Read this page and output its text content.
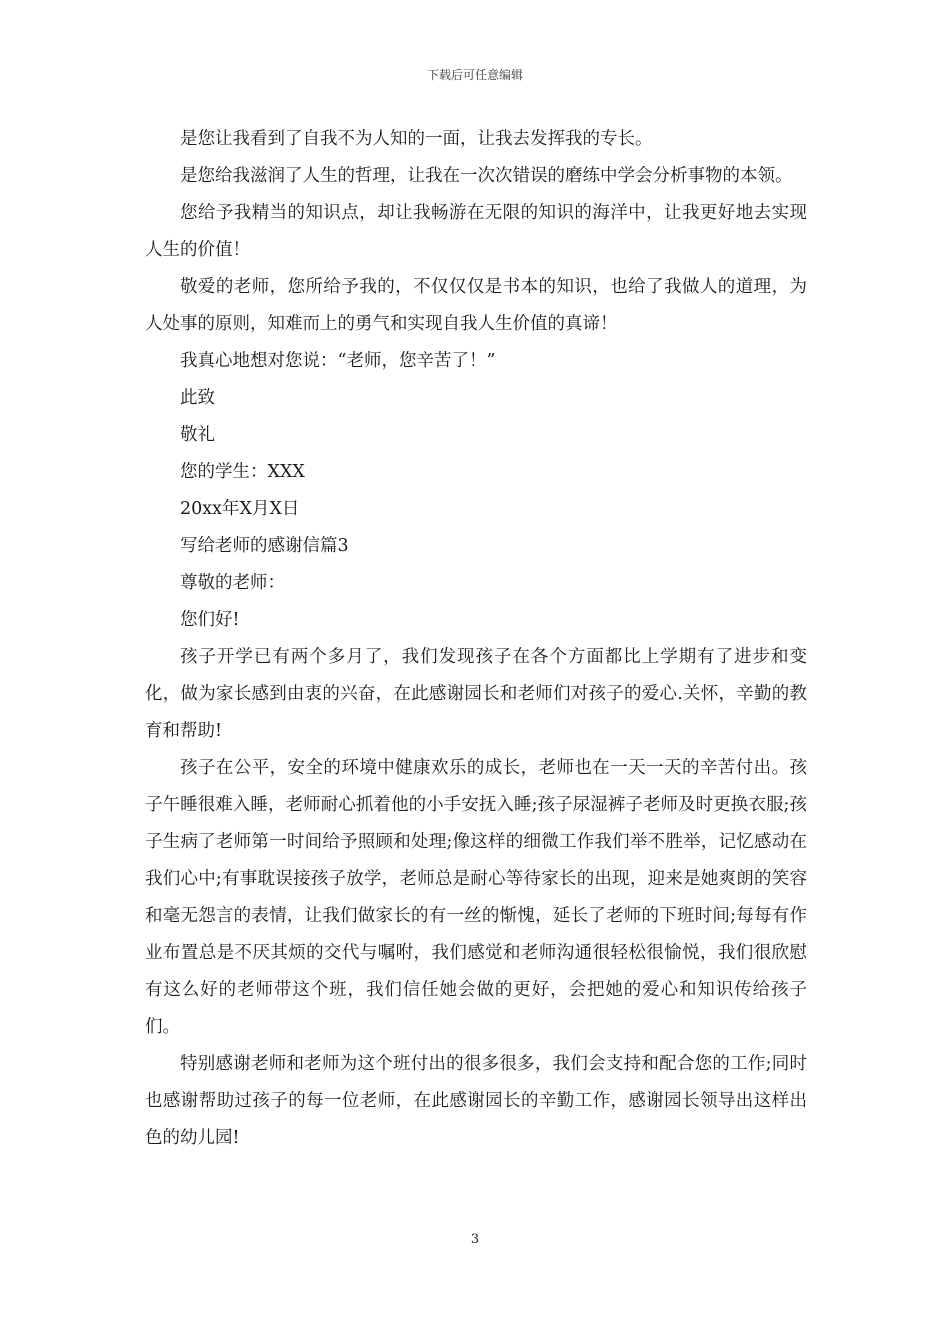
下载后可任意编辑

是您让我看到了自我不为人知的一面，让我去发挥我的专长。

是您给我滋润了人生的哲理，让我在一次次错误的磨练中学会分析事物的本领。

您给予我精当的知识点，却让我畅游在无限的知识的海洋中，让我更好地去实现人生的价值！

敬爱的老师，您所给予我的，不仅仅仅是书本的知识，也给了我做人的道理，为人处事的原则，知难而上的勇气和实现自我人生价值的真谛！

我真心地想对您说：“老师，您辛苦了！”

此致

敬礼

您的学生：XXX

20xx年X月X日

写给老师的感谢信篇3

尊敬的老师：

您们好!

孩子开学已有两个多月了，我们发现孩子在各个方面都比上学期有了进步和变化，做为家长感到由衷的兴奋，在此感谢园长和老师们对孩子的爱心.关怀，辛勤的教育和帮助!

孩子在公平，安全的环境中健康欢乐的成长，老师也在一天一天的辛苦付出。孩子午睡很难入睡，老师耐心抓着他的小手安抚入睡;孩子尿湿裤子老师及时更换衣服;孩子生病了老师第一时间给予照顾和处理;像这样的细微工作我们举不胜举，记忆感动在我们心中;有事耽误接孩子放学，老师总是耐心等待家长的出现，迎来是她爽朗的笑容和毫无怨言的表情，让我们做家长的有一丝的惭愧，延长了老师的下班时间;每每有作业布置总是不厌其烦的交代与嘱咐，我们感觉和老师沟通很轻松很愉悦，我们很欣慰有这么好的老师带这个班，我们信任她会做的更好，会把她的爱心和知识传给孩子们。

特别感谢老师和老师为这个班付出的很多很多，我们会支持和配合您的工作;同时也感谢帮助过孩子的每一位老师，在此感谢园长的辛勤工作，感谢园长领导出这样出色的幼儿园!

3
